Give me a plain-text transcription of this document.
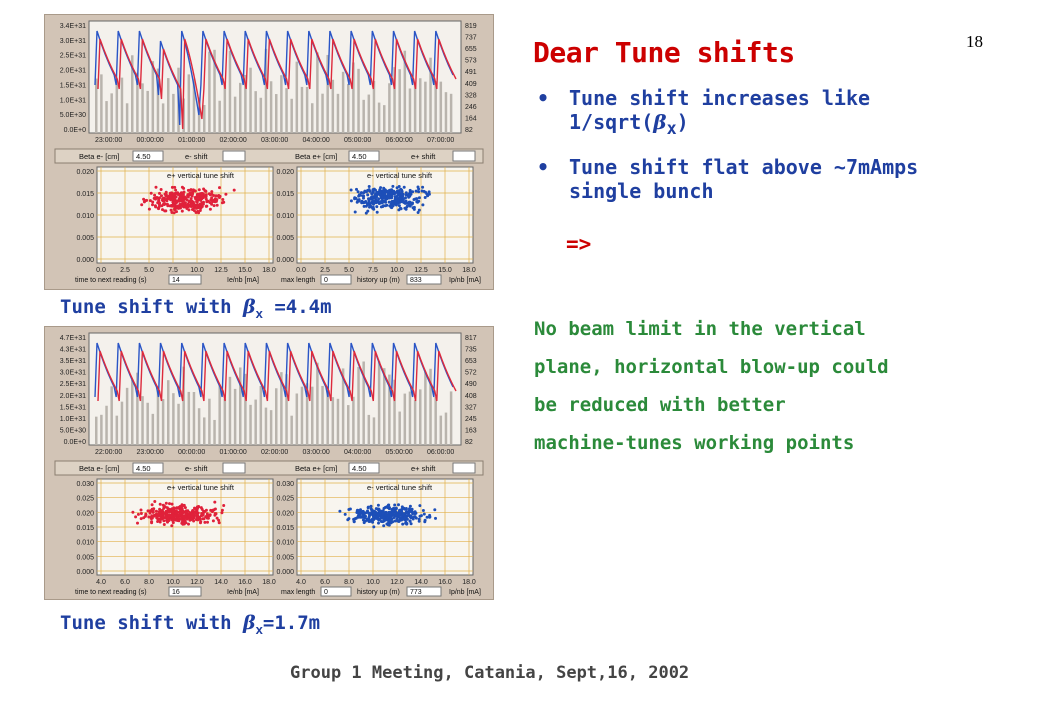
18
Dear Tune shifts
• Tune shift increases like $1/sqrt(\beta_x)$
• Tune shift flat above ~7mAmps single bunch
=>
No beam limit in the vertical
plane, horizontal blow-up could
be reduced with better
machine-tunes working points
Tune shift with $\beta_x =4.4m$
Tune shift with $\beta_x=1.7m$
Group 1 Meeting, Catania, Sept,16, 2002
3.4E+31
3.0E+31
2.5E+31
2.0E+31
1.5E+31
1.0E+31
5.0E+30
0.0E+0
819
737
655
573
491
409
328
246
164
82
23:00:00 00:00:00 01:00:00 02:00:00 03:00:00 04:00:00 05:00:00 06:00:00 07:00:00
Beta e- [cm] 4.50	e- shift	Beta e+ [cm] 4.50	e+ shift
0.020
0.015
0.010
0.005
0.000
0.0 2.5 5.0 7.5 10.0 12.5 15.0 18.0
e+ vertical tune shift	0.020
0.015
0.010
0.005
0.000
0.0 2.5 5.0 7.5 10.0 12.5 15.0 18.0
e- vertical tune shift
time to next reading (s)	14	Ie/nb [mA]	max length 0	history up (m) 833	Ip/nb [mA]
4.7E+31
4.3E+31
3.5E+31
3.0E+31
2.5E+31
2.0E+31
1.5E+31
1.0E+31
5.0E+30
0.0E+0
817
735
653
572
490
408
327
245
163
82
22:00:00 23:00:00 00:00:00 01:00:00 02:00:00 03:00:00 04:00:00 05:00:00 06:00:00
Beta e- [cm] 4.50	e- shift	Beta e+ [cm] 4.50	e+ shift
0.030
0.025
0.020
0.015
0.010
0.005
0.000
4.0 6.0 8.0 10.0 12.0 14.0 16.0 18.0
e+ vertical tune shift	0.030
0.025
0.020
0.015
0.010
0.005
0.000
4.0 6.0 8.0 10.0 12.0 14.0 16.0 18.0
e- vertical tune shift
time to next reading (s)	16	Ie/nb [mA]	max length 0	history up (m) 773	Ip/nb [mA]
